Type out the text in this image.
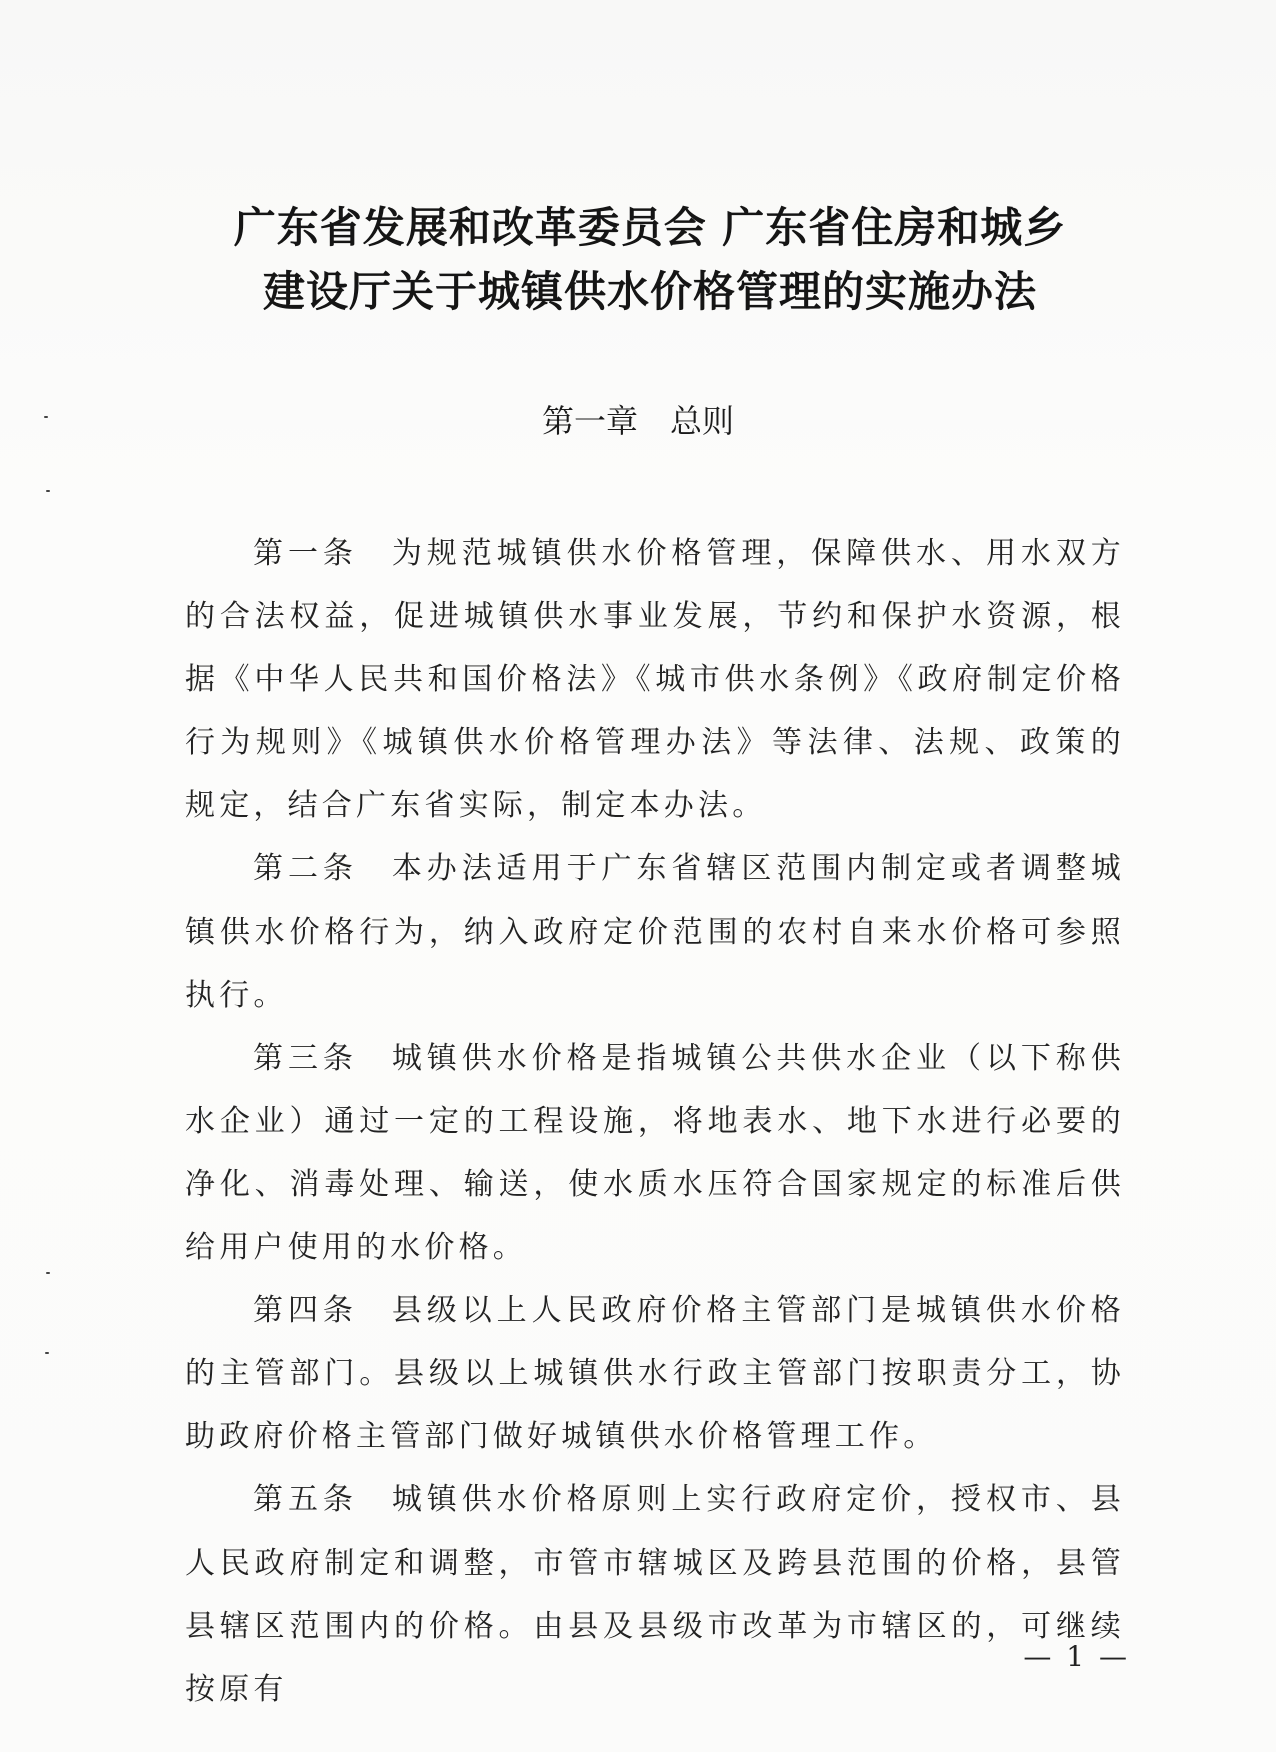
广东省发展和改革委员会 广东省住房和城乡
建设厅关于城镇供水价格管理的实施办法
第一章　总则

第一条 为规范城镇供水价格管理，保障供水、用水双方的合法权益，促进城镇供水事业发展，节约和保护水资源，根据《中华人民共和国价格法》《城市供水条例》《政府制定价格行为规则》《城镇供水价格管理办法》等法律、法规、政策的规定，结合广东省实际，制定本办法。

第二条 本办法适用于广东省辖区范围内制定或者调整城镇供水价格行为，纳入政府定价范围的农村自来水价格可参照执行。

第三条 城镇供水价格是指城镇公共供水企业（以下称供水企业）通过一定的工程设施，将地表水、地下水进行必要的净化、消毒处理、输送，使水质水压符合国家规定的标准后供给用户使用的水价格。

第四条 县级以上人民政府价格主管部门是城镇供水价格的主管部门。县级以上城镇供水行政主管部门按职责分工，协助政府价格主管部门做好城镇供水价格管理工作。

第五条 城镇供水价格原则上实行政府定价，授权市、县人民政府制定和调整，市管市辖城区及跨县范围的价格，县管县辖区范围内的价格。由县及县级市改革为市辖区的，可继续按原有

— 1 —
